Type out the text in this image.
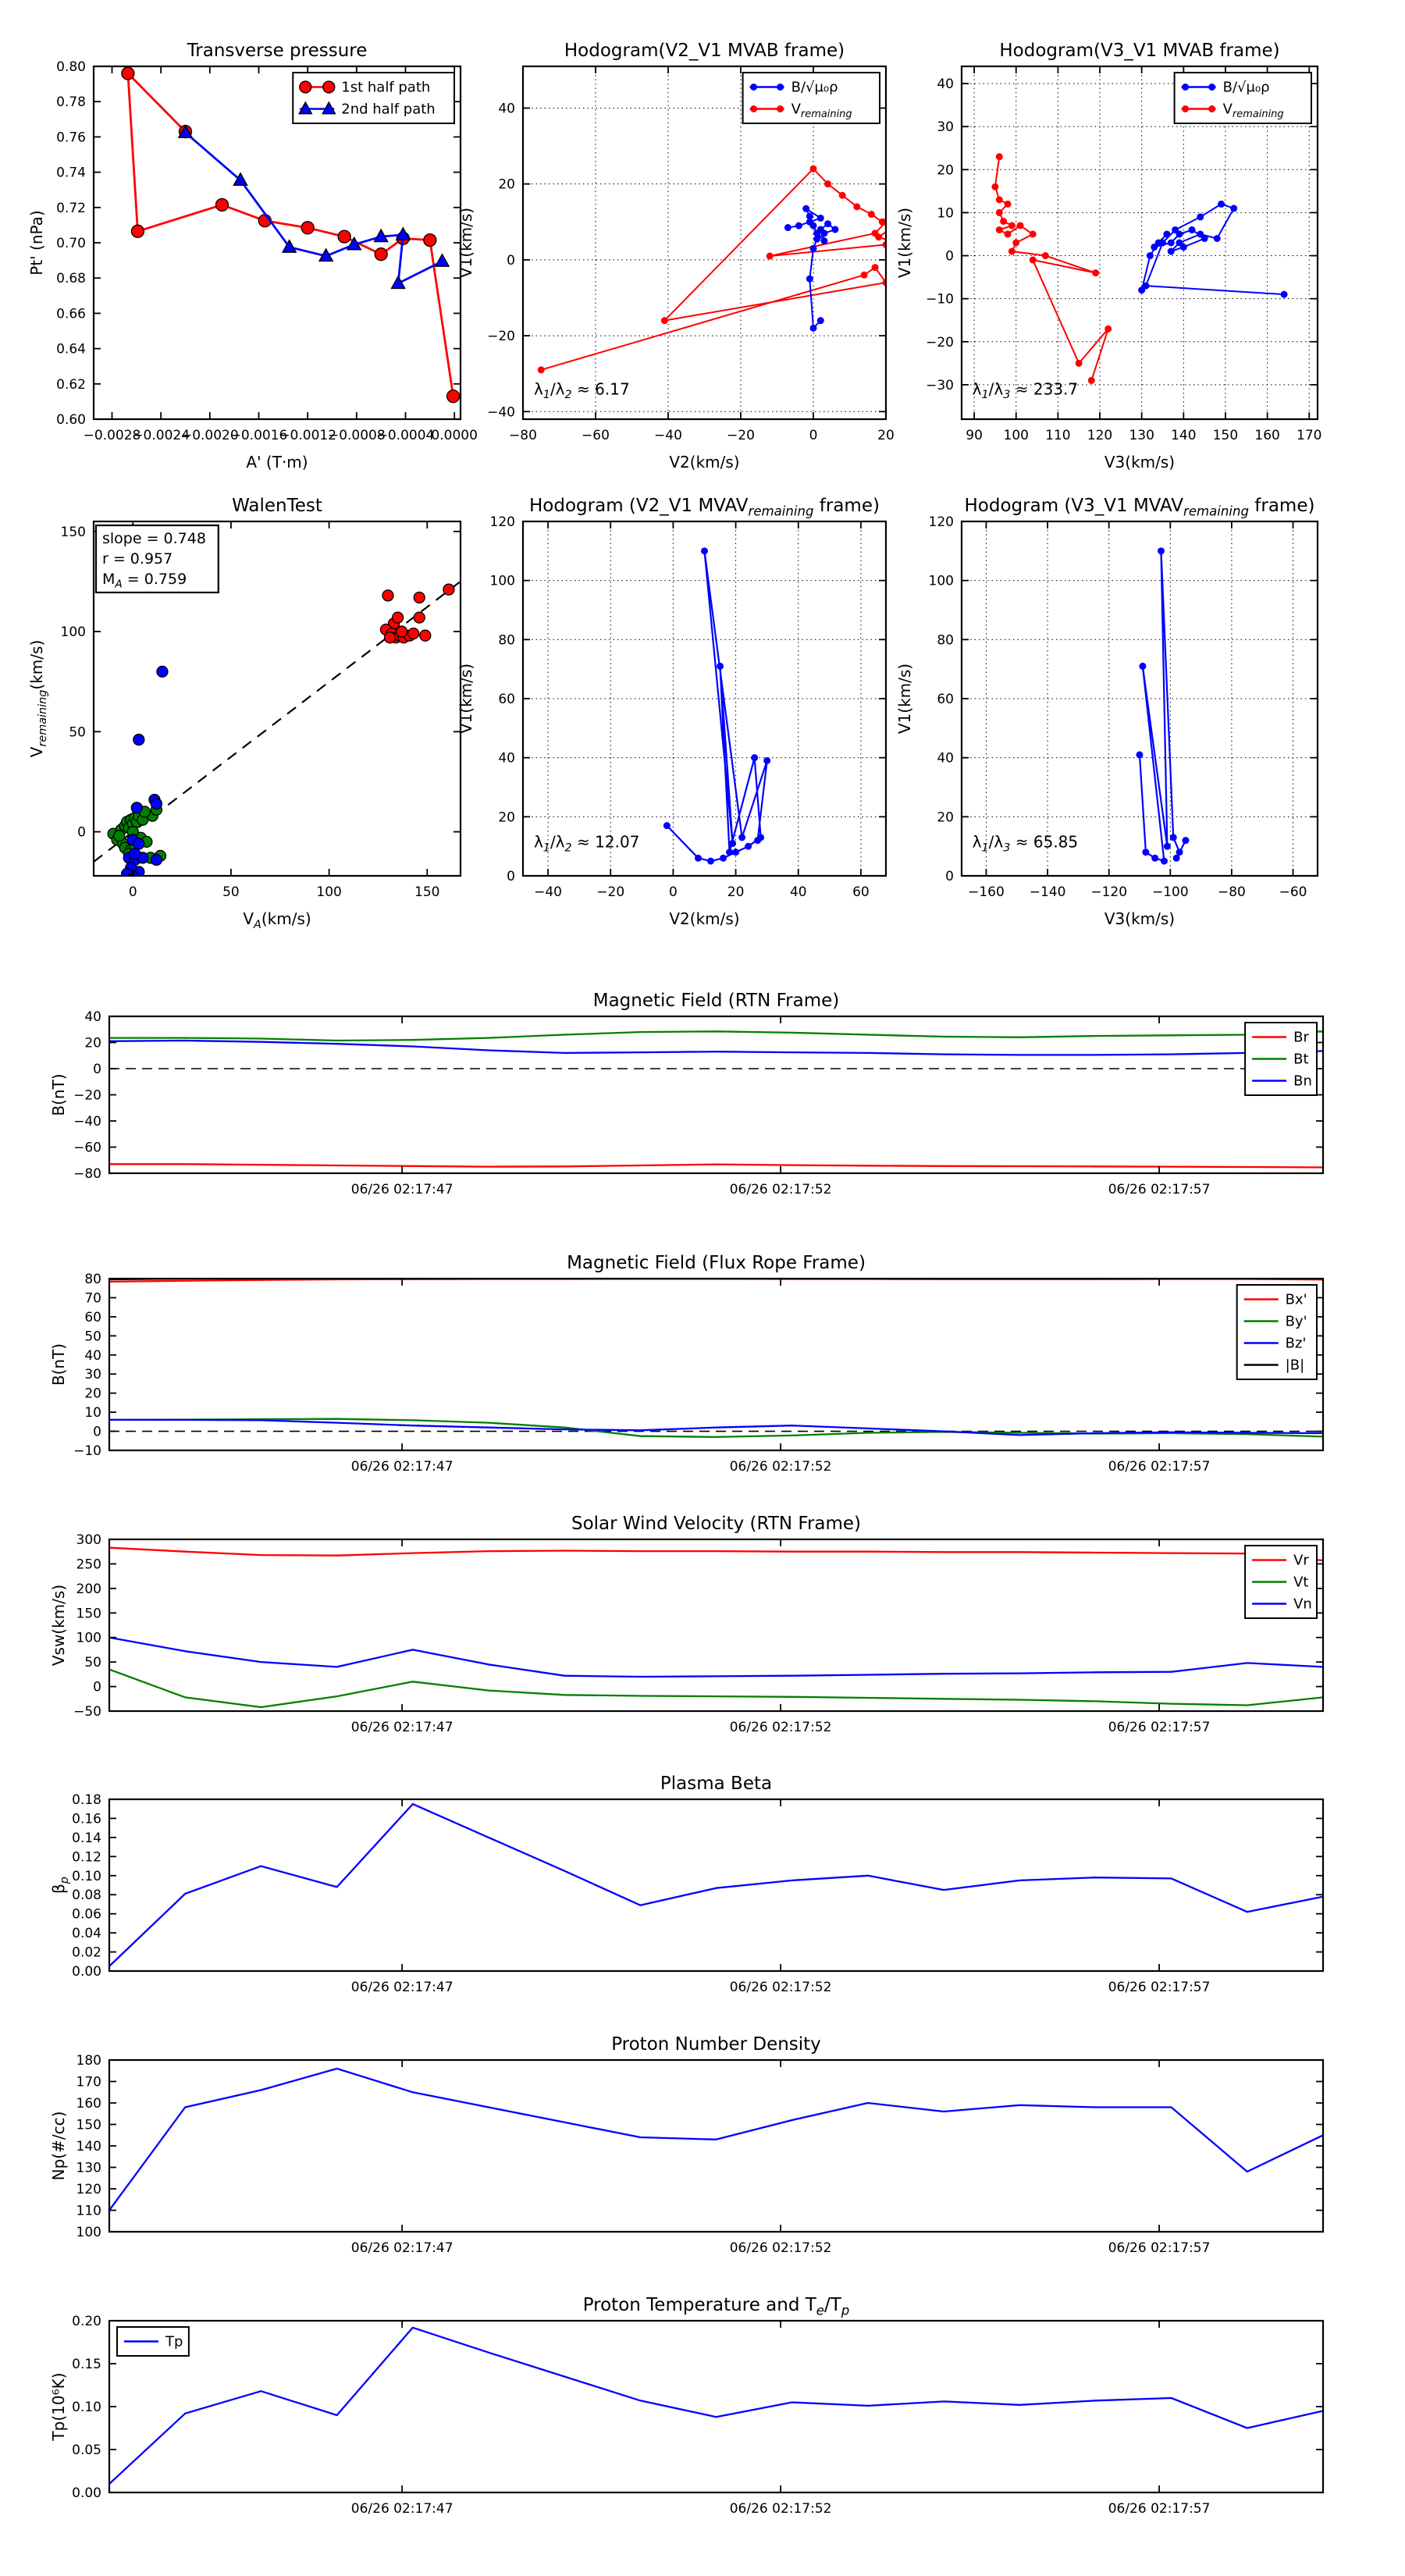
−0.0028
−0.0024
−0.0020
−0.0016
−0.0012
−0.0008
−0.0004
0.0000
0.60
0.62
0.64
0.66
0.68
0.70
0.72
0.74
0.76
0.78
0.80
Transverse pressure
A' (T·m)
Pt' (nPa)
1st half path
2nd half path
−80	−60	−40	−20	0	20
−40
−20
0
20
40
Hodogram(V2_V1 MVAB frame)
V2(km/s)
V1(km/s)
B/√μ₀ρ
$V_{remaining}$
$\lambda_1/\lambda_2 \approx 6.17$
90 100 110 120 130 140 150 160 170
−30
−20
−10
0
10
20
30
40
Hodogram(V3_V1 MVAB frame)
V3(km/s)
V1(km/s)
B/√μ₀ρ
$V_{remaining}$
$\lambda_1/\lambda_3 \approx 233.7$
0	50	100	150
0
50
100
150
WalenTest
$V_A(km/s)$
$V_{remaining}(km/s)$
slope = 0.748
r = 0.957
$M_A = 0.759$
−40	−20	0	20	40	60
0
20
40
60
80
100
120
Hodogram (V2_V1 $MVAV_{remaining}$ frame)
V2(km/s)
V1(km/s)
$\lambda_1/\lambda_2 \approx 12.07$
−160 −140 −120 −100 −80	−60
0
20
40
60
80
100
120
Hodogram (V3_V1 $MVAV_{remaining}$ frame)
V3(km/s)
V1(km/s)
$\lambda_1/\lambda_3 \approx 65.85$
06/26 02:17:47	06/26 02:17:52	06/26 02:17:57
−80
−60
−40
−20
0
20
40
Magnetic Field (RTN Frame)
B(nT)
Br
Bt
Bn
06/26 02:17:47	06/26 02:17:52	06/26 02:17:57
−10
0
10
20
30
40
50
60
70
80
Magnetic Field (Flux Rope Frame)
B(nT)
Bx'
By'
Bz'
|B|
06/26 02:17:47	06/26 02:17:52	06/26 02:17:57
−50
0
50
100
150
200
250
300
Solar Wind Velocity (RTN Frame)
Vsw(km/s)
Vr
Vt
Vn
06/26 02:17:47	06/26 02:17:52	06/26 02:17:57
0.00
0.02
0.04
0.06
0.08
0.10
0.12
0.14
0.16
0.18
Plasma Beta
$\beta_p$
06/26 02:17:47	06/26 02:17:52	06/26 02:17:57
100
110
120
130
140
150
160
170
180
Proton Number Density
Np(#/cc)
06/26 02:17:47	06/26 02:17:52	06/26 02:17:57
0.00
0.05
0.10
0.15
0.20
Proton Temperature and $T_e/T_p$
Tp(10⁶K)
Tp
